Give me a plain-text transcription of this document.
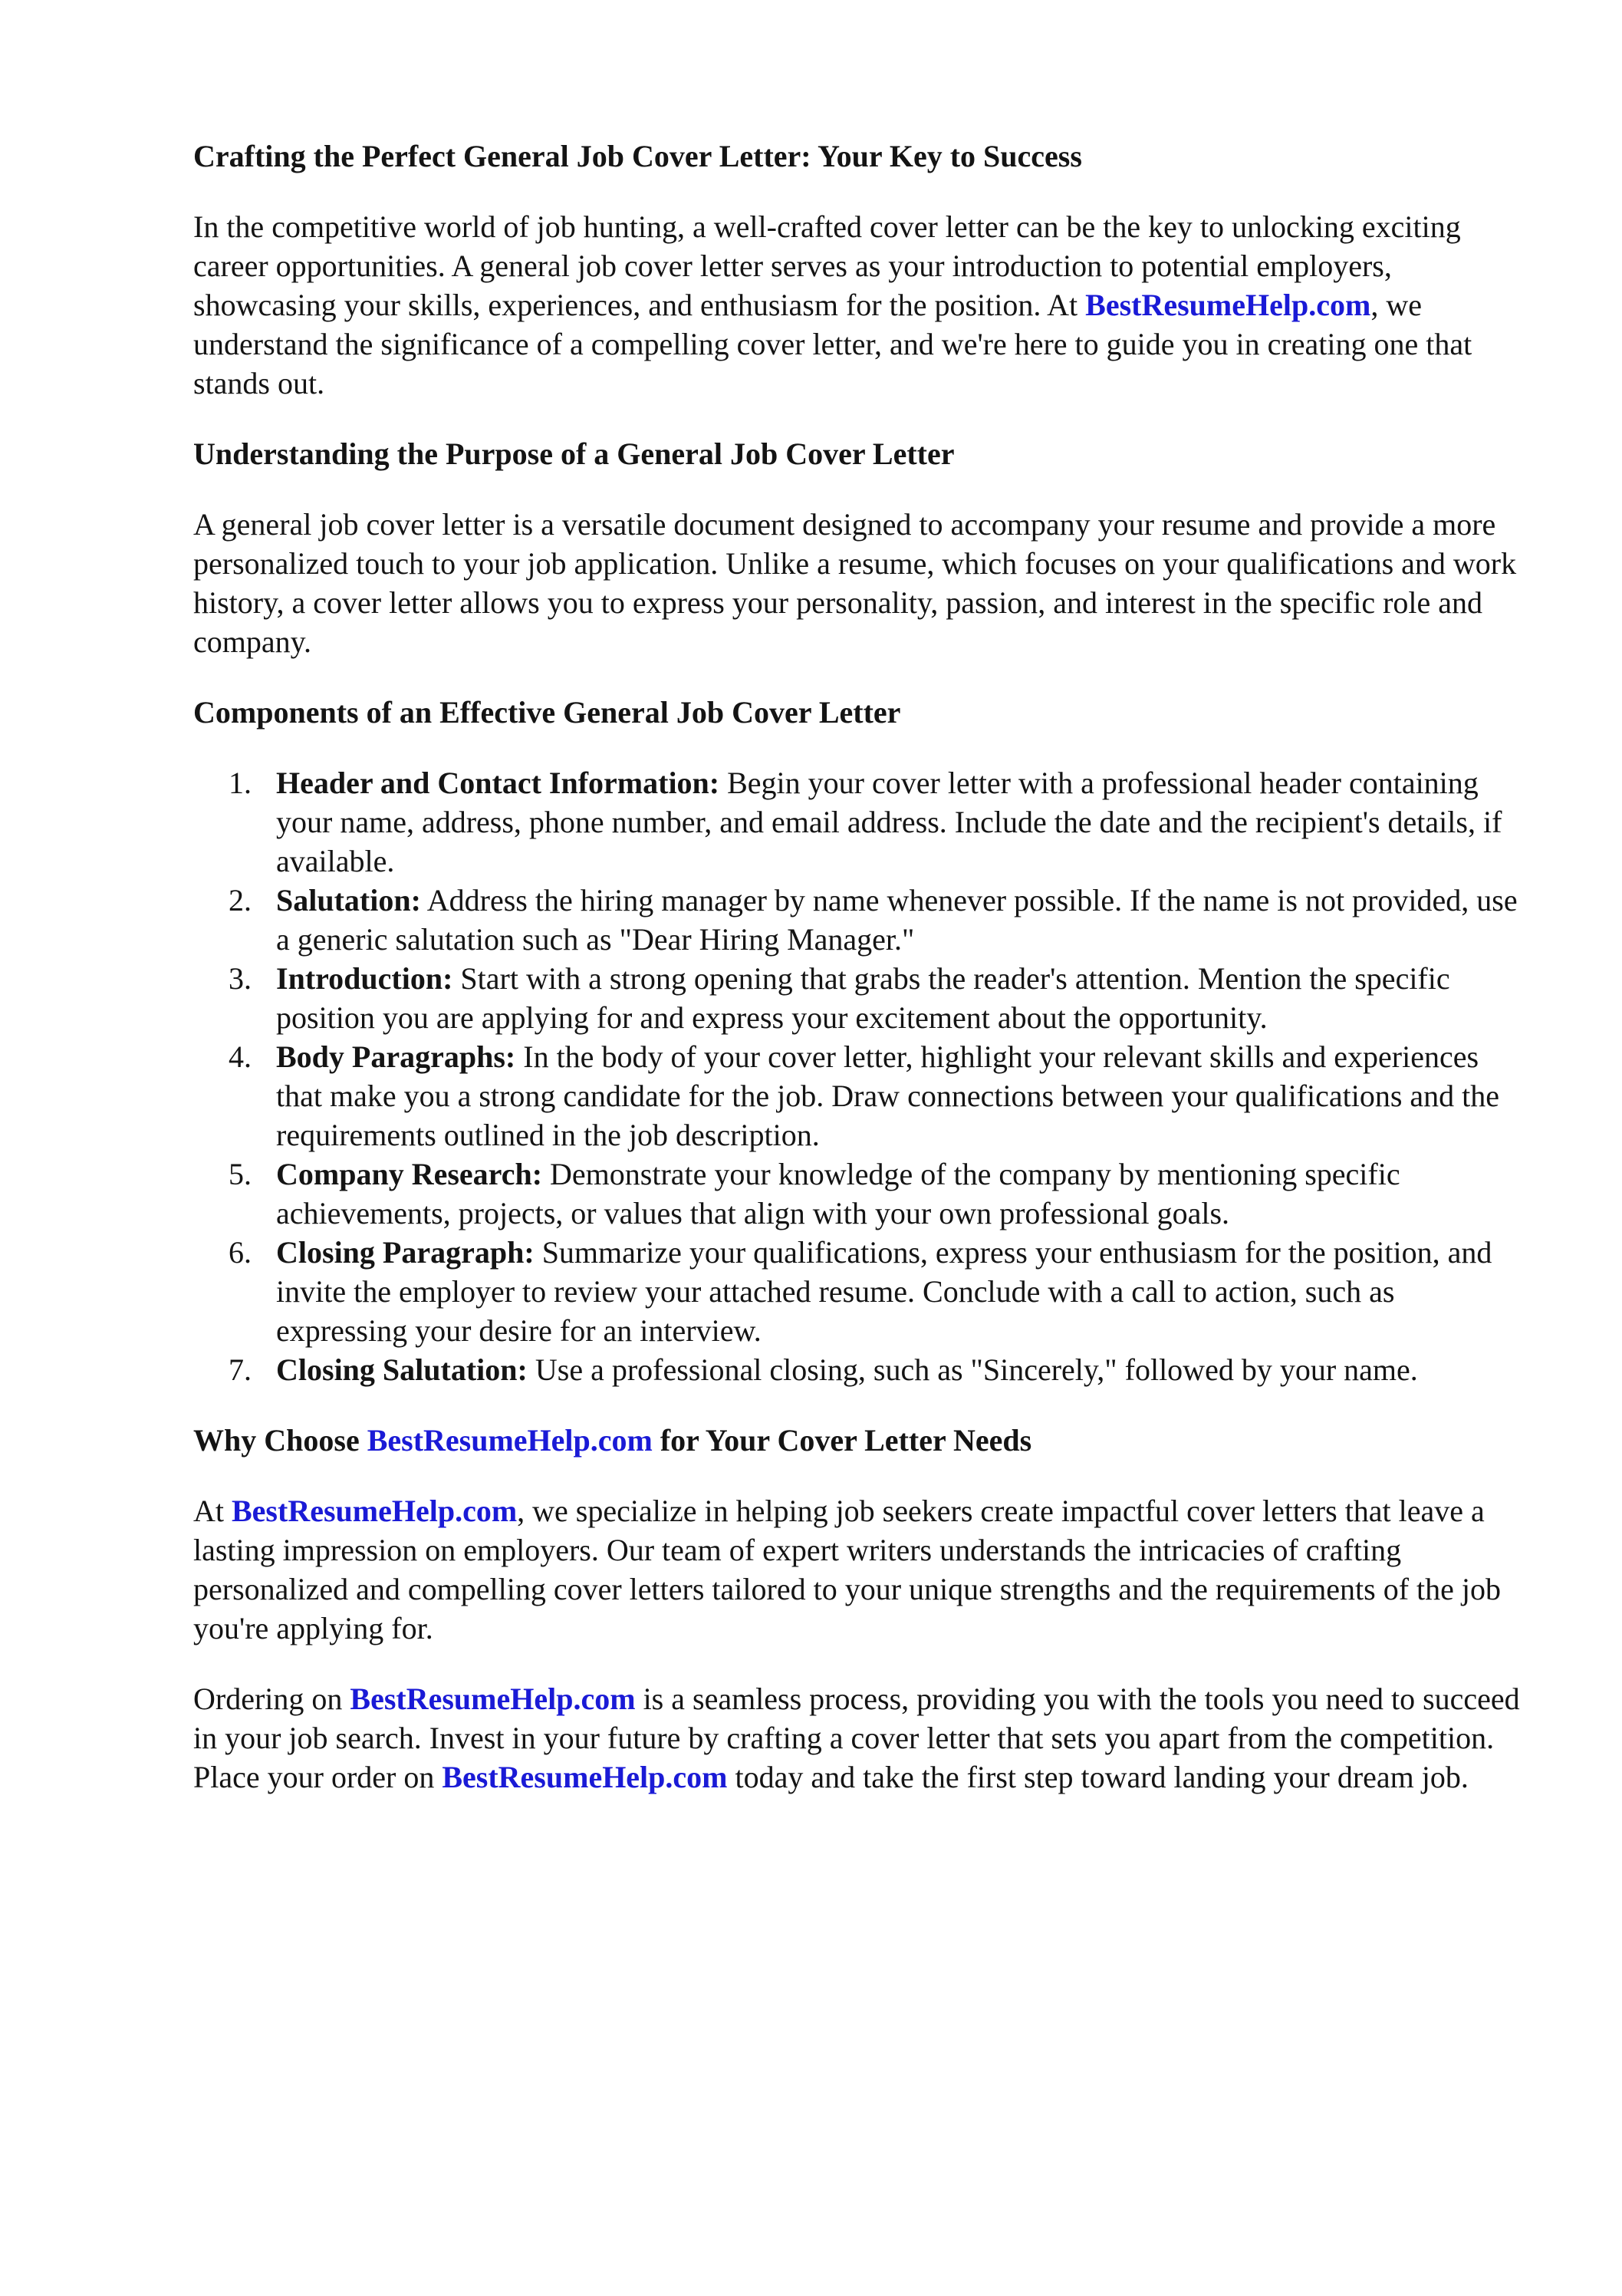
Crafting the Perfect General Job Cover Letter: Your Key to Success

In the competitive world of job hunting, a well-crafted cover letter can be the key to unlocking exciting career opportunities. A general job cover letter serves as your introduction to potential employers, showcasing your skills, experiences, and enthusiasm for the position. At BestResumeHelp.com, we understand the significance of a compelling cover letter, and we're here to guide you in creating one that stands out.

Understanding the Purpose of a General Job Cover Letter

A general job cover letter is a versatile document designed to accompany your resume and provide a more personalized touch to your job application. Unlike a resume, which focuses on your qualifications and work history, a cover letter allows you to express your personality, passion, and interest in the specific role and company.

Components of an Effective General Job Cover Letter
1. Header and Contact Information: Begin your cover letter with a professional header containing your name, address, phone number, and email address. Include the date and the recipient's details, if available.
2. Salutation: Address the hiring manager by name whenever possible. If the name is not provided, use a generic salutation such as "Dear Hiring Manager."
3. Introduction: Start with a strong opening that grabs the reader's attention. Mention the specific position you are applying for and express your excitement about the opportunity.
4. Body Paragraphs: In the body of your cover letter, highlight your relevant skills and experiences that make you a strong candidate for the job. Draw connections between your qualifications and the requirements outlined in the job description.
5. Company Research: Demonstrate your knowledge of the company by mentioning specific achievements, projects, or values that align with your own professional goals.
6. Closing Paragraph: Summarize your qualifications, express your enthusiasm for the position, and invite the employer to review your attached resume. Conclude with a call to action, such as expressing your desire for an interview.
7. Closing Salutation: Use a professional closing, such as "Sincerely," followed by your name.
Why Choose BestResumeHelp.com for Your Cover Letter Needs

At BestResumeHelp.com, we specialize in helping job seekers create impactful cover letters that leave a lasting impression on employers. Our team of expert writers understands the intricacies of crafting personalized and compelling cover letters tailored to your unique strengths and the requirements of the job you're applying for.

Ordering on BestResumeHelp.com is a seamless process, providing you with the tools you need to succeed in your job search. Invest in your future by crafting a cover letter that sets you apart from the competition. Place your order on BestResumeHelp.com today and take the first step toward landing your dream job.
